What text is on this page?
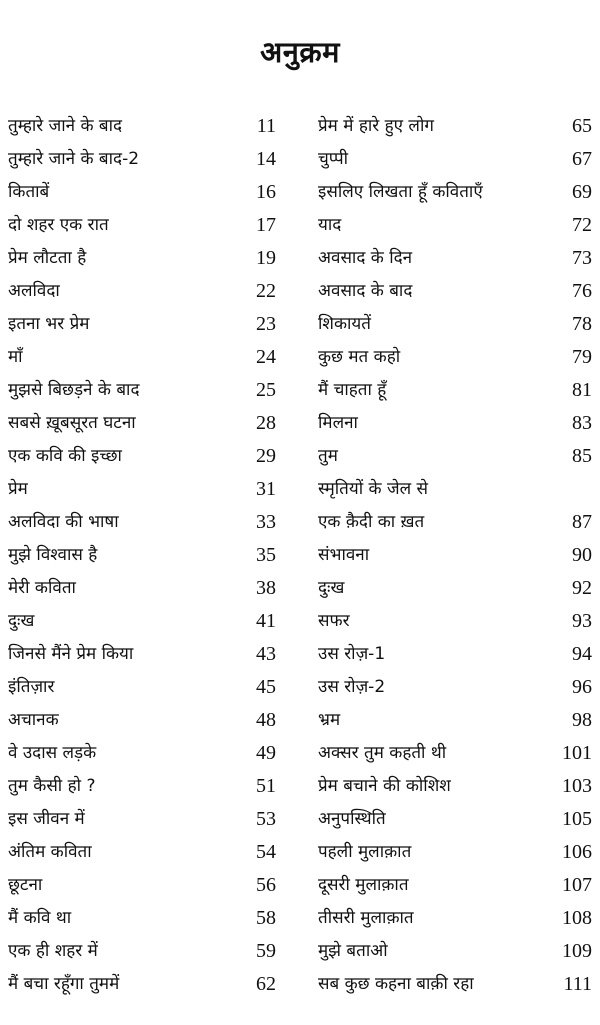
अनुक्रम
तुम्हारे जाने के बाद	11
तुम्हारे जाने के बाद-2	14
किताबें	16
दो शहर एक रात	17
प्रेम लौटता है	19
अलविदा	22
इतना भर प्रेम	23
माँ	24
मुझसे बिछड़ने के बाद	25
सबसे ख़ूबसूरत घटना	28
एक कवि की इच्छा	29
प्रेम	31
अलविदा की भाषा	33
मुझे विश्वास है	35
मेरी कविता	38
दुःख	41
जिनसे मैंने प्रेम किया	43
इंतिज़ार	45
अचानक	48
वे उदास लड़के	49
तुम कैसी हो ?	51
इस जीवन में	53
अंतिम कविता	54
छूटना	56
मैं कवि था	58
एक ही शहर में	59
मैं बचा रहूँगा तुममें	62
प्रेम में हारे हुए लोग	65
चुप्पी	67
इसलिए लिखता हूँ कविताएँ	69
याद	72
अवसाद के दिन	73
अवसाद के बाद	76
शिकायतें	78
कुछ मत कहो	79
मैं चाहता हूँ	81
मिलना	83
तुम	85
स्मृतियों के जेल से
एक क़ैदी का ख़त	87
संभावना	90
दुःख	92
सफर	93
उस रोज़-1	94
उस रोज़-2	96
भ्रम	98
अक्सर तुम कहती थी	101
प्रेम बचाने की कोशिश	103
अनुपस्थिति	105
पहली मुलाक़ात	106
दूसरी मुलाक़ात	107
तीसरी मुलाक़ात	108
मुझे बताओ	109
सब कुछ कहना बाक़ी रहा	111
